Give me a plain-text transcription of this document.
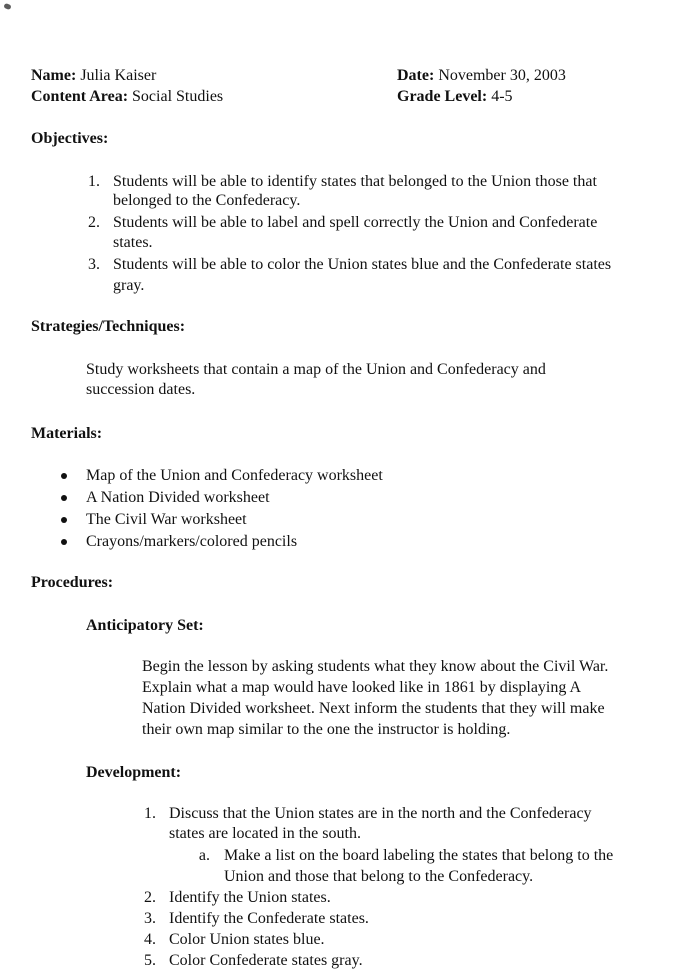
Name: Julia Kaiser
Content Area: Social Studies
Date: November 30, 2003
Grade Level: 4-5
Objectives:
1. Students will be able to identify states that belonged to the Union those that
belonged to the Confederacy.
2. Students will be able to label and spell correctly the Union and Confederate
states.
3. Students will be able to color the Union states blue and the Confederate states
gray.
Strategies/Techniques:
Study worksheets that contain a map of the Union and Confederacy and
succession dates.
Materials:
Map of the Union and Confederacy worksheet
A Nation Divided worksheet
The Civil War worksheet
Crayons/markers/colored pencils
Procedures:
Anticipatory Set:
Begin the lesson by asking students what they know about the Civil War.
Explain what a map would have looked like in 1861 by displaying A
Nation Divided worksheet. Next inform the students that they will make
their own map similar to the one the instructor is holding.
Development:
1. Discuss that the Union states are in the north and the Confederacy
states are located in the south.
a. Make a list on the board labeling the states that belong to the
Union and those that belong to the Confederacy.
2. Identify the Union states.
3. Identify the Confederate states.
4. Color Union states blue.
5. Color Confederate states gray.
